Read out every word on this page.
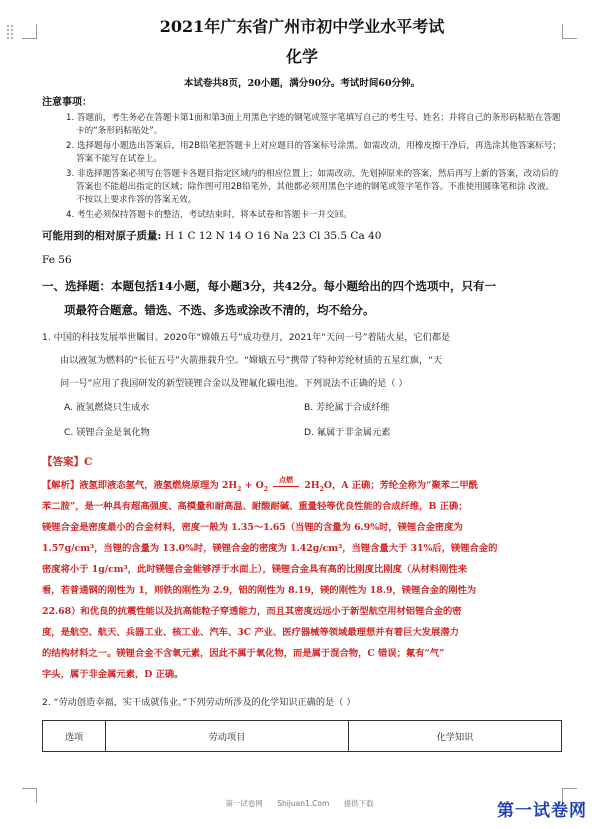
2021年广东省广州市初中学业水平考试

化学

本试卷共8页，20小题，满分90分。考试时间60分钟。

注意事项：

1. 答题前，考生务必在答题卡第1面和第3面上用黑色字迹的钢笔或签字笔填写自己的考生号、姓名；并将自己的条形码粘贴在答题卡的“条形码粘贴处”。

2. 选择题每小题选出答案后，用2B铅笔把答题卡上对应题目的答案标号涂黑。如需改动，用橡皮擦干净后，再选涂其他答案标号；答案不能写在试卷上。

3. 非选择题答案必须写在答题卡各题目指定区域内的相应位置上；如需改动，先划掉原来的答案，然后再写上新的答案，改动后的答案也不能超出指定的区域；除作图可用2B铅笔外，其他都必须用黑色字迹的钢笔或签字笔作答。不准使用圆珠笔和涂 改液。不按以上要求作答的答案无效。

4. 考生必须保持答题卡的整洁，考试结束时，将本试卷和答题卡一并交回。

可能用到的相对原子质量: H 1 C 12 N 14 O 16 Na 23 Cl 35.5 Ca 40
Fe 56

一、选择题：本题包括14小题，每小题3分，共42分。每小题给出的四个选项中，只有一
项最符合题意。错选、不选、多选或涂改不清的，均不给分。

1. 中国的科技发展举世瞩目。2020年“嫦娥五号”成功登月，2021年“天问一号”着陆火星，它们都是
由以液氢为燃料的“长征五号”火箭推载升空。“嫦娥五号”携带了特种芳纶材质的五星红旗，“天
问一号”应用了我国研发的新型镁锂合金以及锂氟化碳电池。下列说法不正确的是（ ）

A. 液氢燃烧只生成水	B. 芳纶属于合成纤维
C. 镁锂合金是氧化物	D. 氟属于非金属元素

【答案】C

【解析】液氢即液态氢气，液氢燃烧原理为 $2H_2 + O_2$
点燃
$2H_2O$，A 正确；芳纶全称为“聚苯二甲酰
苯二胺”，是一种具有超高强度、高模量和耐高温、耐酸耐碱、重量轻等优良性能的合成纤维，B 正确；
镁锂合金是密度最小的合金材料，密度一般为 1.35～1.65（当锂的含量为 6.9%时，镁锂合金密度为
1.57g/cm³，当锂的含量为 13.0%时，镁锂合金的密度为 1.42g/cm³，当锂含量大于 31%后，镁锂合金的
密度将小于 1g/cm³，此时镁锂合金能够浮于水面上），镁锂合金具有高的比刚度比刚度（从材料刚性来
看，若普通钢的刚性为 1，则铁的刚性为 2.9，铝的刚性为 8.19，镁的刚性为 18.9，镁锂合金的刚性为
22.68）和优良的抗震性能以及抗高能粒子穿透能力，而且其密度远远小于新型航空用材铝锂合金的密
度，是航空、航天、兵器工业、核工业、汽车、3C 产业、医疗器械等领域最理想并有着巨大发展潜力
的结构材料之一。镁锂合金不含氧元素，因此不属于氧化物，而是属于混合物，C 错误；氟有“气”
字头，属于非金属元素，D 正确。

2. “劳动创造幸福，实干成就伟业。”下列劳动所涉及的化学知识正确的是（ ）

选项	劳动项目	化学知识
第一试卷网 Shijuan1.Com 提供下载	第一试卷网
